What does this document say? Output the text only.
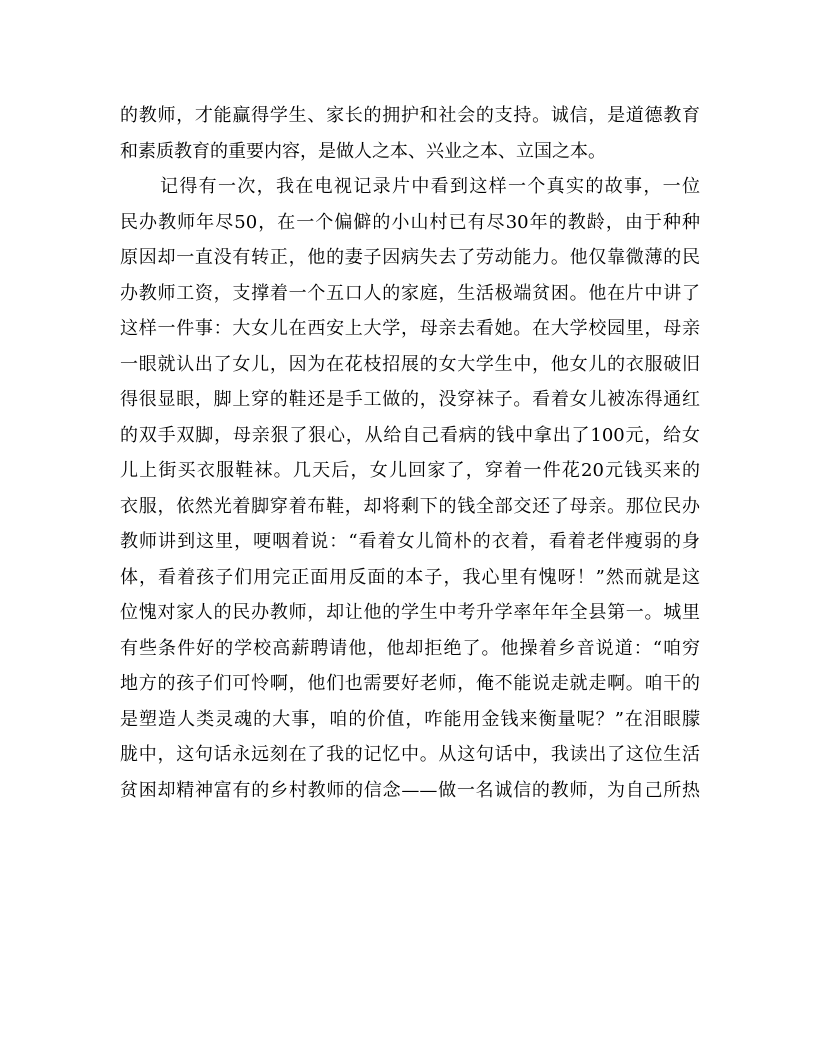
的教师，才能赢得学生、家长的拥护和社会的支持。诚信，是道德教育
和素质教育的重要内容，是做人之本、兴业之本、立国之本。
记得有一次，我在电视记录片中看到这样一个真实的故事，一位
民办教师年尽50，在一个偏僻的小山村已有尽30年的教龄，由于种种
原因却一直没有转正，他的妻子因病失去了劳动能力。他仅靠微薄的民
办教师工资，支撑着一个五口人的家庭，生活极端贫困。他在片中讲了
这样一件事：大女儿在西安上大学，母亲去看她。在大学校园里，母亲
一眼就认出了女儿，因为在花枝招展的女大学生中，他女儿的衣服破旧
得很显眼，脚上穿的鞋还是手工做的，没穿袜子。看着女儿被冻得通红
的双手双脚，母亲狠了狠心，从给自己看病的钱中拿出了100元，给女
儿上街买衣服鞋袜。几天后，女儿回家了，穿着一件花20元钱买来的
衣服，依然光着脚穿着布鞋，却将剩下的钱全部交还了母亲。那位民办
教师讲到这里，哽咽着说：“看着女儿简朴的衣着，看着老伴瘦弱的身
体，看着孩子们用完正面用反面的本子，我心里有愧呀！”然而就是这
位愧对家人的民办教师，却让他的学生中考升学率年年全县第一。城里
有些条件好的学校高薪聘请他，他却拒绝了。他操着乡音说道：“咱穷
地方的孩子们可怜啊，他们也需要好老师，俺不能说走就走啊。咱干的
是塑造人类灵魂的大事，咱的价值，咋能用金钱来衡量呢？”在泪眼朦
胧中，这句话永远刻在了我的记忆中。从这句话中，我读出了这位生活
贫困却精神富有的乡村教师的信念——做一名诚信的教师，为自己所热
